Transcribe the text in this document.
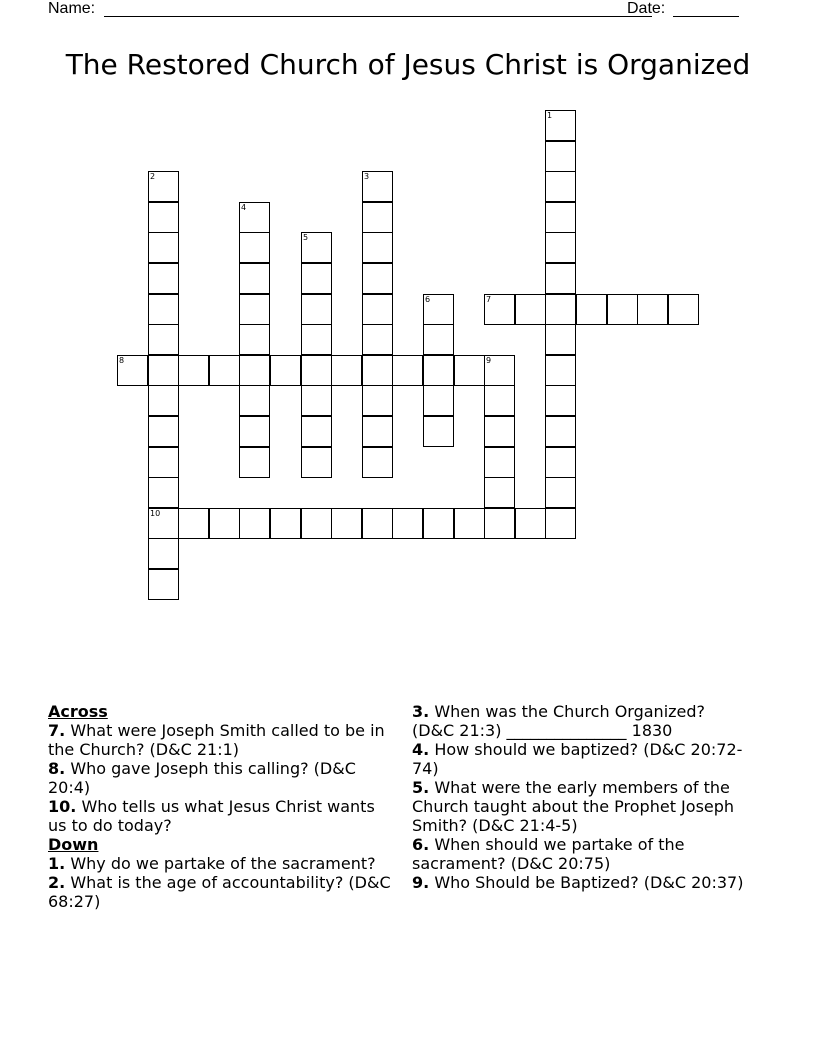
Name:	Date:
The Restored Church of Jesus Christ is Organized
1
2
10
3
4
5
6	7
8	9
Across
7. What were Joseph Smith called to be in the Church? (D&C 21:1)
8. Who gave Joseph this calling? (D&C 20:4)
10. Who tells us what Jesus Christ wants us to do today?
Down
1. Why do we partake of the sacrament?
2. What is the age of accountability? (D&C 68:27)
3. When was the Church Organized? (D&C 21:3) _______________ 1830
4. How should we baptized? (D&C 20:72-74)
5. What were the early members of the Church taught about the Prophet Joseph Smith? (D&C 21:4-5)
6. When should we partake of the sacrament? (D&C 20:75)
9. Who Should be Baptized? (D&C 20:37)
